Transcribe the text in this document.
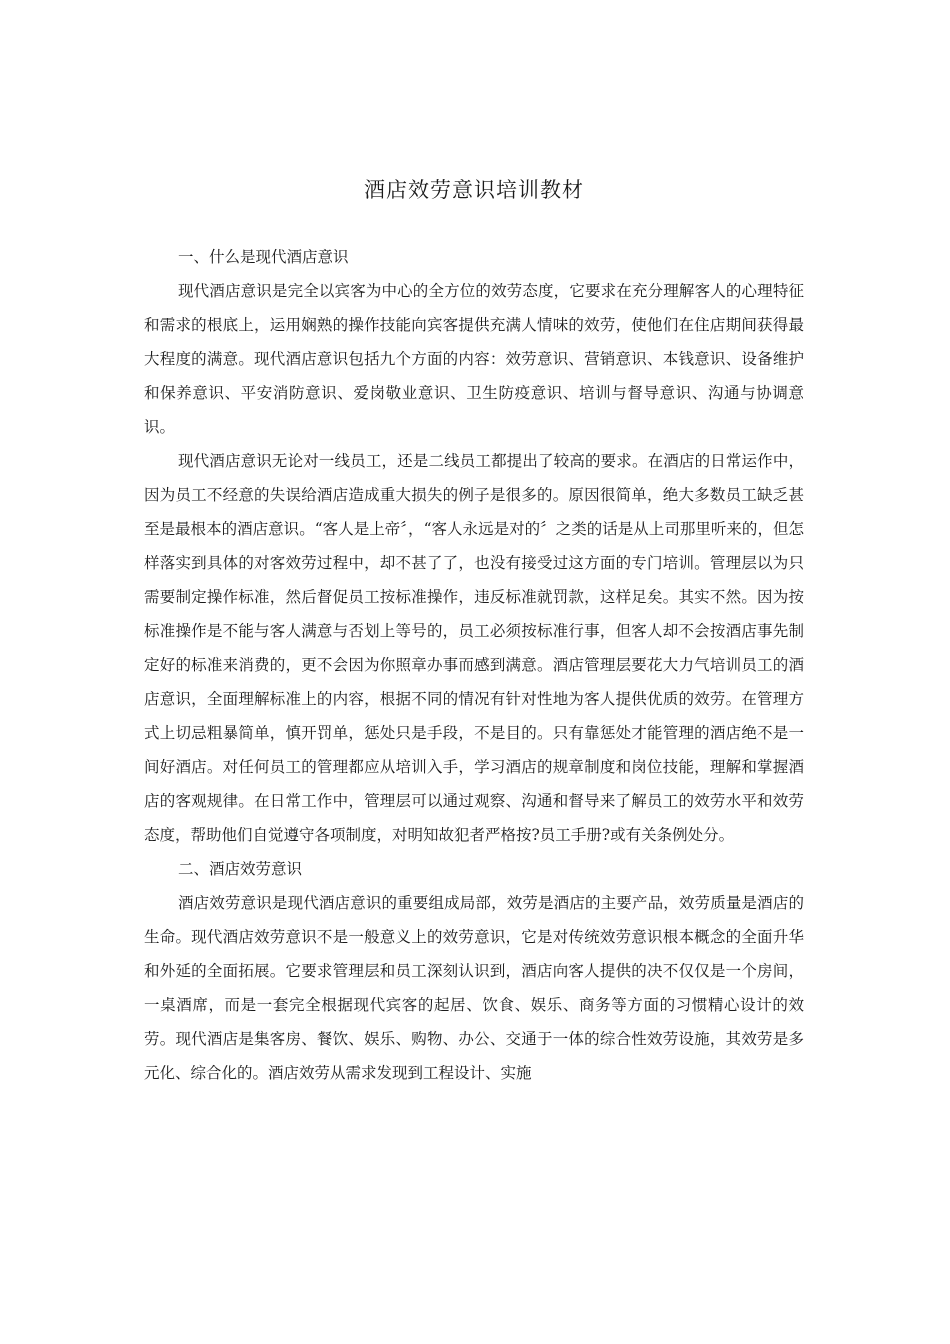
酒店效劳意识培训教材

一、什么是现代酒店意识

现代酒店意识是完全以宾客为中心的全方位的效劳态度，它要求在充分理解客人的心理特征和需求的根底上，运用娴熟的操作技能向宾客提供充满人情味的效劳，使他们在住店期间获得最大程度的满意。现代酒店意识包括九个方面的内容：效劳意识、营销意识、本钱意识、设备维护和保养意识、平安消防意识、爱岗敬业意识、卫生防疫意识、培训与督导意识、沟通与协调意识。

现代酒店意识无论对一线员工，还是二线员工都提出了较高的要求。在酒店的日常运作中，因为员工不经意的失误给酒店造成重大损失的例子是很多的。原因很简单，绝大多数员工缺乏甚至是最根本的酒店意识。“客人是上帝〞，“客人永远是对的〞之类的话是从上司那里听来的，但怎样落实到具体的对客效劳过程中，却不甚了了，也没有接受过这方面的专门培训。管理层以为只需要制定操作标准，然后督促员工按标准操作，违反标准就罚款，这样足矣。其实不然。因为按标准操作是不能与客人满意与否划上等号的，员工必须按标准行事，但客人却不会按酒店事先制定好的标准来消费的，更不会因为你照章办事而感到满意。酒店管理层要花大力气培训员工的酒店意识，全面理解标准上的内容，根据不同的情况有针对性地为客人提供优质的效劳。在管理方式上切忌粗暴简单，慎开罚单，惩处只是手段，不是目的。只有靠惩处才能管理的酒店绝不是一间好酒店。对任何员工的管理都应从培训入手，学习酒店的规章制度和岗位技能，理解和掌握酒店的客观规律。在日常工作中，管理层可以通过观察、沟通和督导来了解员工的效劳水平和效劳态度，帮助他们自觉遵守各项制度，对明知故犯者严格按?员工手册?或有关条例处分。

二、酒店效劳意识

酒店效劳意识是现代酒店意识的重要组成局部，效劳是酒店的主要产品，效劳质量是酒店的生命。现代酒店效劳意识不是一般意义上的效劳意识，它是对传统效劳意识根本概念的全面升华和外延的全面拓展。它要求管理层和员工深刻认识到，酒店向客人提供的决不仅仅是一个房间，一桌酒席，而是一套完全根据现代宾客的起居、饮食、娱乐、商务等方面的习惯精心设计的效劳。现代酒店是集客房、餐饮、娱乐、购物、办公、交通于一体的综合性效劳设施，其效劳是多元化、综合化的。酒店效劳从需求发现到工程设计、实施
